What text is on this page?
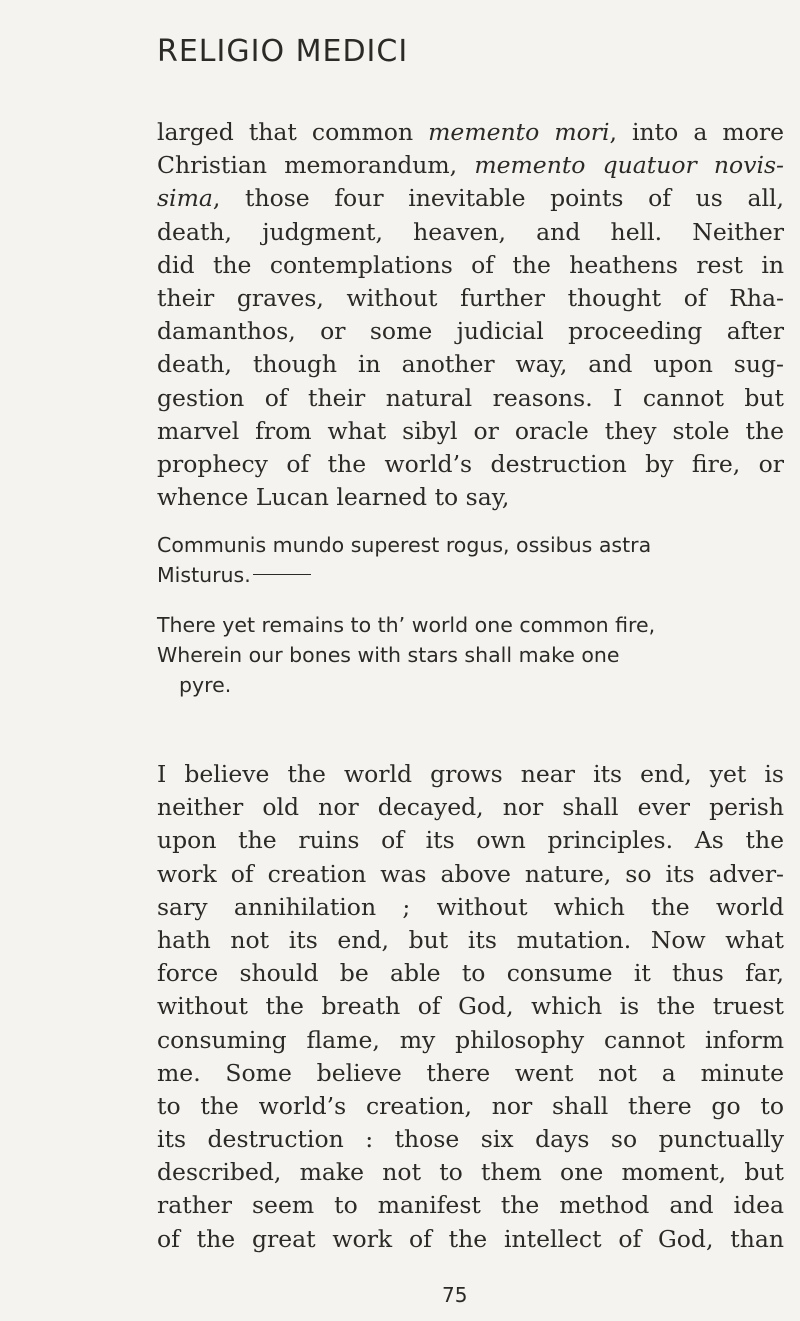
RELIGIO MEDICI
larged that common memento mori, into a more
Christian memorandum, memento quatuor novis-
sima, those four inevitable points of us all,
death, judgment, heaven, and hell. Neither
did the contemplations of the heathens rest in
their graves, without further thought of Rha-
damanthos, or some judicial proceeding after
death, though in another way, and upon sug-
gestion of their natural reasons. I cannot but
marvel from what sibyl or oracle they stole the
prophecy of the world’s destruction by fire, or
whence Lucan learned to say,
Communis mundo superest rogus, ossibus astra
Misturus.
There yet remains to th’ world one common fire,
Wherein our bones with stars shall make one
pyre.
I believe the world grows near its end, yet is
neither old nor decayed, nor shall ever perish
upon the ruins of its own principles. As the
work of creation was above nature, so its adver-
sary annihilation ; without which the world
hath not its end, but its mutation. Now what
force should be able to consume it thus far,
without the breath of God, which is the truest
consuming flame, my philosophy cannot inform
me. Some believe there went not a minute
to the world’s creation, nor shall there go to
its destruction : those six days so punctually
described, make not to them one moment, but
rather seem to manifest the method and idea
of the great work of the intellect of God, than
75
